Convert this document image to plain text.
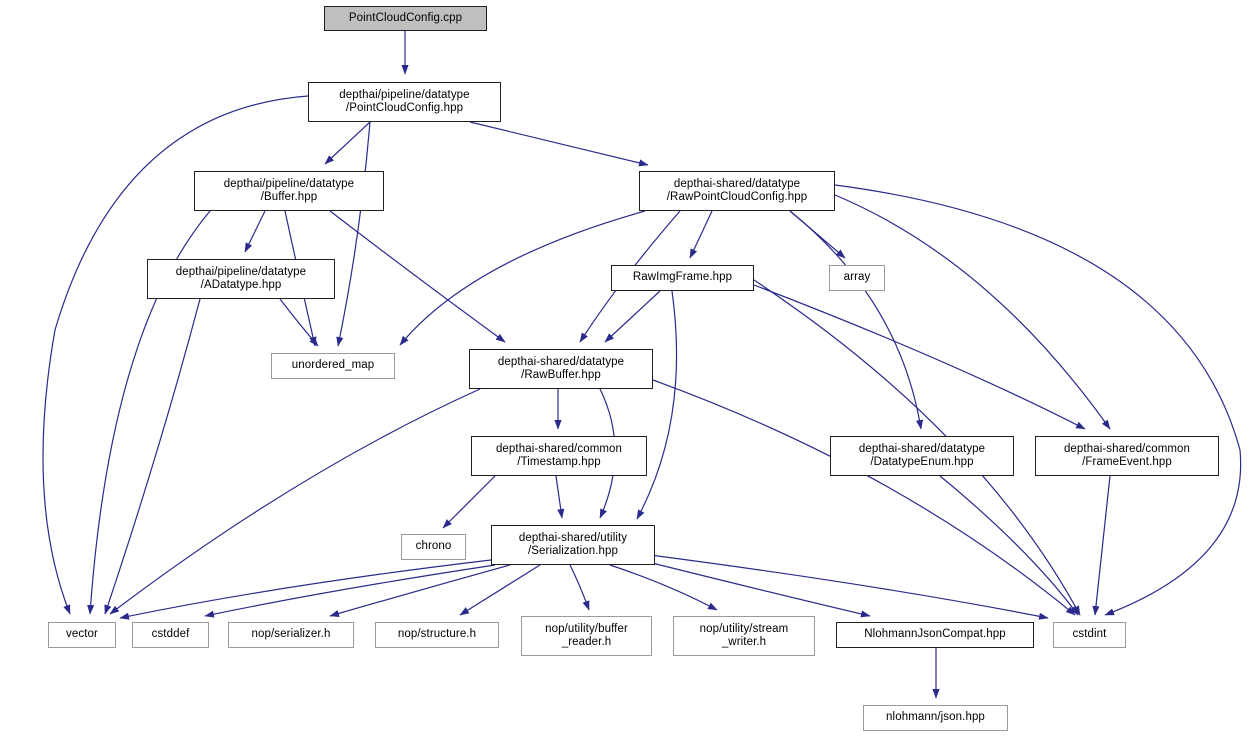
PointCloudConfig.cpp
depthai/pipeline/datatype
/PointCloudConfig.hpp
depthai/pipeline/datatype
/Buffer.hpp
depthai-shared/datatype
/RawPointCloudConfig.hpp
depthai/pipeline/datatype
/ADatatype.hpp
RawImgFrame.hpp	array
unordered_map	depthai-shared/datatype
/RawBuffer.hpp
depthai-shared/common
/Timestamp.hpp
depthai-shared/datatype
/DatatypeEnum.hpp
depthai-shared/common
/FrameEvent.hpp
chrono
depthai-shared/utility
/Serialization.hpp
vector	cstddef	nop/serializer.h	nop/structure.h	nop/utility/buffer
_reader.h
nop/utility/stream
_writer.h
NlohmannJsonCompat.hpp	cstdint
nlohmann/json.hpp
